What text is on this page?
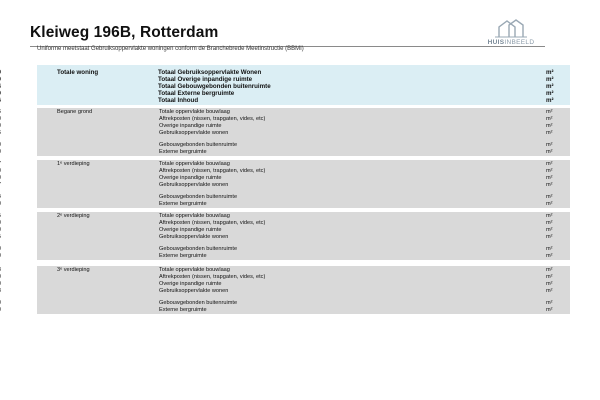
Kleiweg 196B, Rotterdam
Uniforme meetstaat Gebruiksoppervlakte woningen conform de Branchebrede Meetinstructie (BBMI)
HUISINBEELD
Totale woning	Totaal Gebruiksoppervlakte Wonen	m²
Totaal Overige inpandige ruimte	m²
Totaal Gebouwgebonden buitenruimte	m²
Totaal Externe bergruimte	m²
Totaal Inhoud	m²
Begane grond	Totale oppervlakte bouwlaag	m²
Aftrekposten (nissen, trapgaten, vides, etc)	m²
Overige inpandige ruimte	m²
Gebruiksoppervlakte wonen	m²
Gebouwgebonden buitenruimte	m²
Externe bergruimte	m²
1ᵉ verdieping	Totale oppervlakte bouwlaag	m²
Aftrekposten (nissen, trapgaten, vides, etc)	m²
Overige inpandige ruimte	m²
Gebruiksoppervlakte wonen	m²
Gebouwgebonden buitenruimte	m²
Externe bergruimte	m²
2ᵉ verdieping	Totale oppervlakte bouwlaag	m²
Aftrekposten (nissen, trapgaten, vides, etc)	m²
Overige inpandige ruimte	m²
Gebruiksoppervlakte wonen	m²
Gebouwgebonden buitenruimte	m²
Externe bergruimte	m²
3ᵉ verdieping	Totale oppervlakte bouwlaag	m²
Aftrekposten (nissen, trapgaten, vides, etc)	m²
Overige inpandige ruimte	m²
Gebruiksoppervlakte wonen	m²
Gebouwgebonden buitenruimte	m²
Externe bergruimte	m²
